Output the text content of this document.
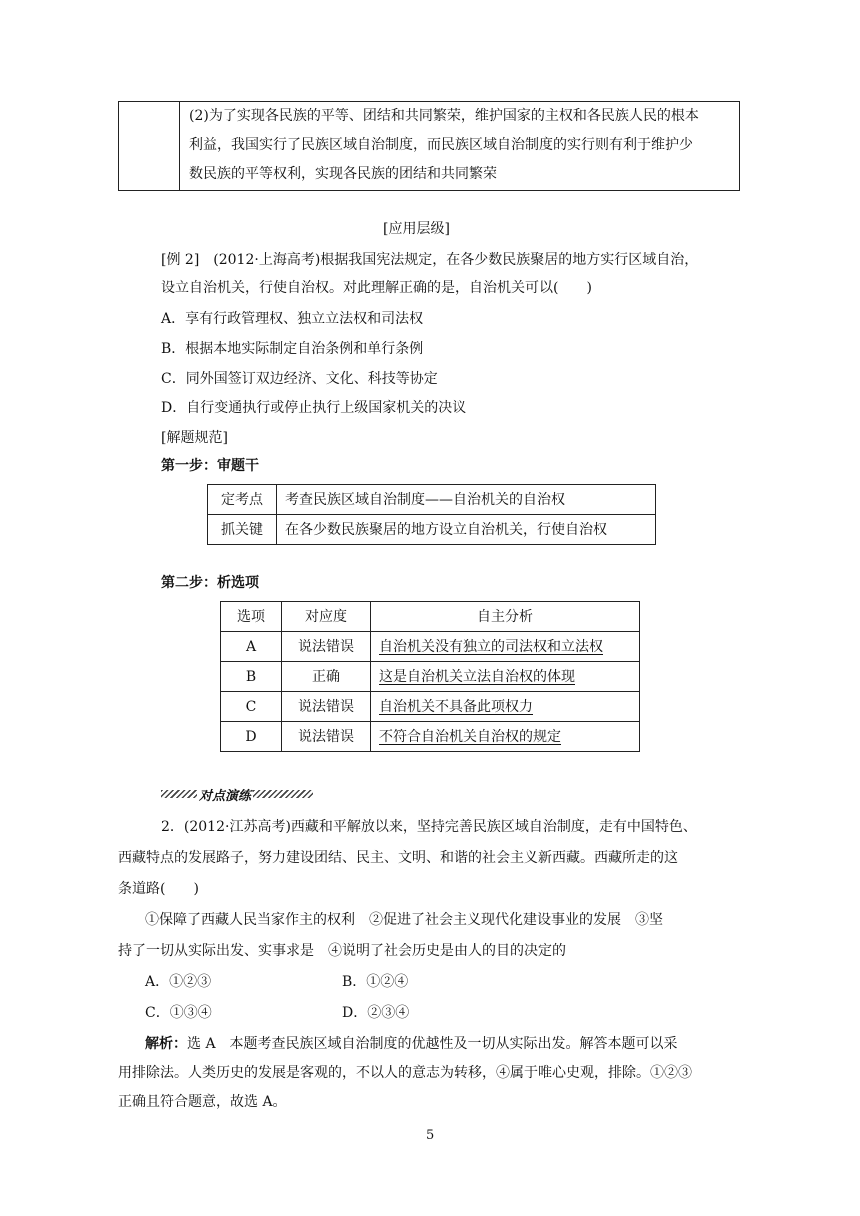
(2)为了实现各民族的平等、团结和共同繁荣，维护国家的主权和各民族人民的根本
利益，我国实行了民族区域自治制度，而民族区域自治制度的实行则有利于维护少
数民族的平等权利，实现各民族的团结和共同繁荣
[应用层级]
[例 2]　(2012·上海高考)根据我国宪法规定，在各少数民族聚居的地方实行区域自治，
设立自治机关，行使自治权。对此理解正确的是，自治机关可以(　　)
A．享有行政管理权、独立立法权和司法权
B．根据本地实际制定自治条例和单行条例
C．同外国签订双边经济、文化、科技等协定
D．自行变通执行或停止执行上级国家机关的决议
[解题规范]
第一步：审题干
定考点	考查民族区域自治制度——自治机关的自治权
抓关键	在各少数民族聚居的地方设立自治机关，行使自治权
第二步：析选项
选项	对应度	自主分析
A	说法错误	自治机关没有独立的司法权和立法权
B	正确	这是自治机关立法自治权的体现
C	说法错误	自治机关不具备此项权力
D	说法错误	不符合自治机关自治权的规定
对点演练
2．(2012·江苏高考)西藏和平解放以来，坚持完善民族区域自治制度，走有中国特色、
西藏特点的发展路子，努力建设团结、民主、文明、和谐的社会主义新西藏。西藏所走的这
条道路(　　)
①保障了西藏人民当家作主的权利　②促进了社会主义现代化建设事业的发展　③坚
持了一切从实际出发、实事求是　④说明了社会历史是由人的目的决定的
A．①②③	B．①②④
C．①③④	D．②③④
解析：选 A　本题考查民族区域自治制度的优越性及一切从实际出发。解答本题可以采
用排除法。人类历史的发展是客观的，不以人的意志为转移，④属于唯心史观，排除。①②③
正确且符合题意，故选 A。
5
